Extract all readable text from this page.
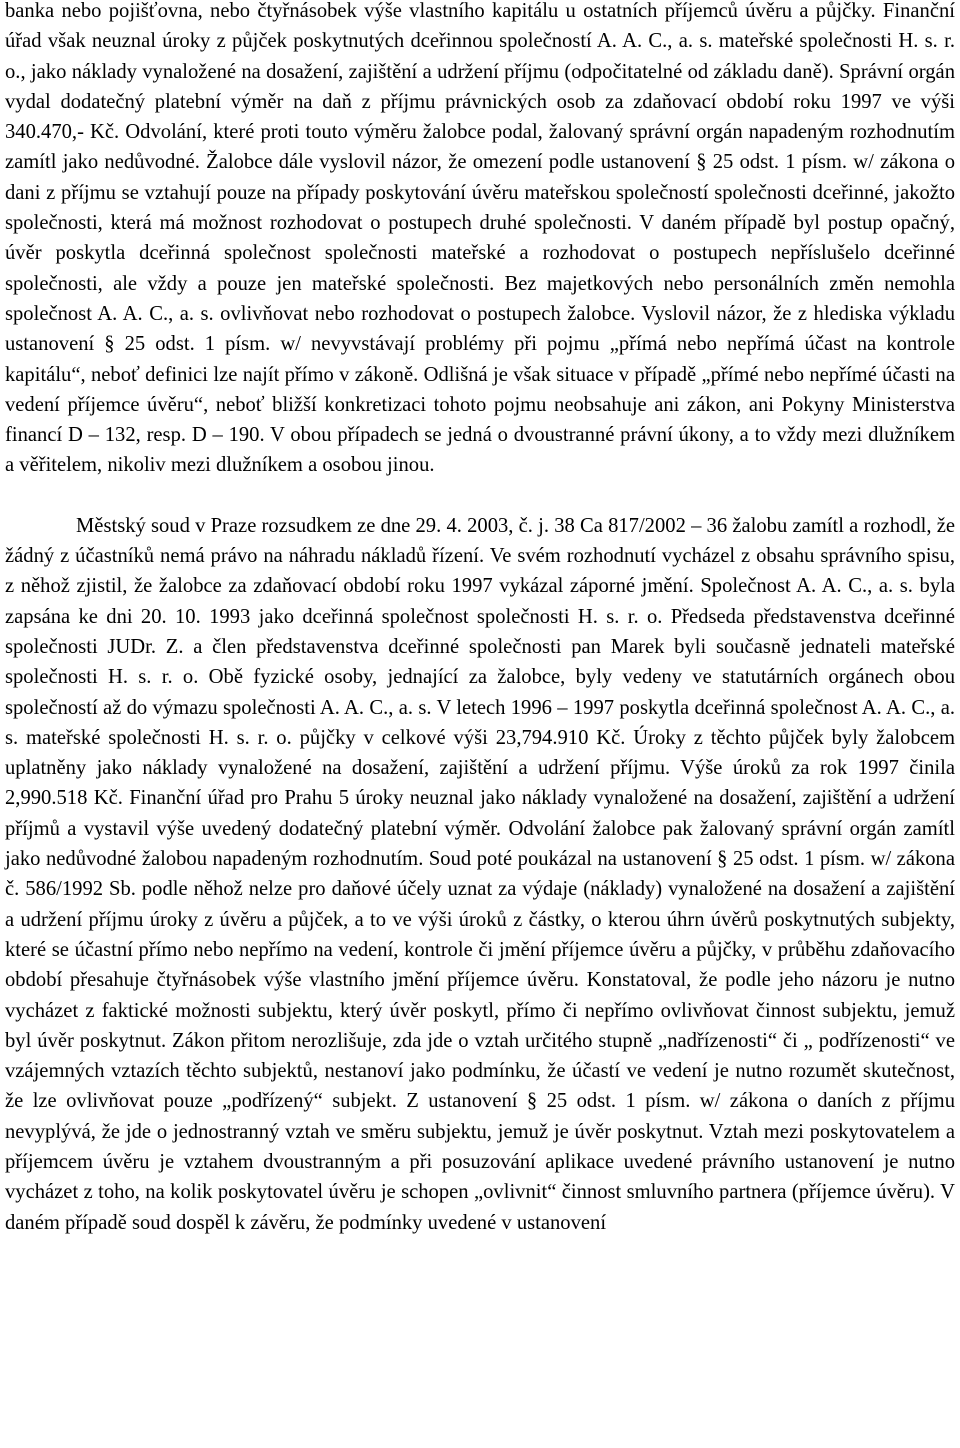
banka nebo pojišťovna, nebo čtyřnásobek výše vlastního kapitálu u ostatních příjemců úvěru a půjčky. Finanční úřad však neuznal úroky z půjček poskytnutých dceřinnou společností A. A. C., a. s. mateřské společnosti H. s. r. o., jako náklady vynaložené na dosažení, zajištění a udržení příjmu (odpočitatelné od základu daně). Správní orgán vydal dodatečný platební výměr na daň z příjmu právnických osob za zdaňovací období roku 1997 ve výši 340.470,- Kč. Odvolání, které proti touto výměru žalobce podal, žalovaný správní orgán napadeným rozhodnutím zamítl jako nedůvodné. Žalobce dále vyslovil názor, že omezení podle ustanovení § 25 odst. 1 písm. w/ zákona o dani z příjmu se vztahují pouze na případy poskytování úvěru mateřskou společností společnosti dceřinné, jakožto společnosti, která má možnost rozhodovat o postupech druhé společnosti. V daném případě byl postup opačný, úvěr poskytla dceřinná společnost společnosti mateřské a rozhodovat o postupech nepříslušelo dceřinné společnosti, ale vždy a pouze jen mateřské společnosti. Bez majetkových nebo personálních změn nemohla společnost A. A. C., a. s. ovlivňovat nebo rozhodovat o postupech žalobce. Vyslovil názor, že z hlediska výkladu ustanovení § 25 odst. 1 písm. w/ nevyvstávají problémy při pojmu „přímá nebo nepřímá účast na kontrole kapitálu“, neboť definici lze najít přímo v zákoně. Odlišná je však situace v případě „přímé nebo nepřímé účasti na vedení příjemce úvěru“, neboť bližší konkretizaci tohoto pojmu neobsahuje ani zákon, ani Pokyny Ministerstva financí D – 132, resp. D – 190. V obou případech se jedná o dvoustranné právní úkony, a to vždy mezi dlužníkem a věřitelem, nikoliv mezi dlužníkem a osobou jinou.

Městský soud v Praze rozsudkem ze dne 29. 4. 2003, č. j. 38 Ca 817/2002 – 36 žalobu zamítl a rozhodl, že žádný z účastníků nemá právo na náhradu nákladů řízení. Ve svém rozhodnutí vycházel z obsahu správního spisu, z něhož zjistil, že žalobce za zdaňovací období roku 1997 vykázal záporné jmění. Společnost A. A. C., a. s. byla zapsána ke dni 20. 10. 1993 jako dceřinná společnost společnosti H. s. r. o. Předseda představenstva dceřinné společnosti JUDr. Z. a člen představenstva dceřinné společnosti pan Marek byli současně jednateli mateřské společnosti H. s. r. o. Obě fyzické osoby, jednající za žalobce, byly vedeny ve statutárních orgánech obou společností až do výmazu společnosti A. A. C., a. s. V letech 1996 – 1997 poskytla dceřinná společnost A. A. C., a. s. mateřské společnosti H. s. r. o. půjčky v celkové výši 23,794.910 Kč. Úroky z těchto půjček byly žalobcem uplatněny jako náklady vynaložené na dosažení, zajištění a udržení příjmu. Výše úroků za rok 1997 činila 2,990.518 Kč. Finanční úřad pro Prahu 5 úroky neuznal jako náklady vynaložené na dosažení, zajištění a udržení příjmů a vystavil výše uvedený dodatečný platební výměr. Odvolání žalobce pak žalovaný správní orgán zamítl jako nedůvodné žalobou napadeným rozhodnutím. Soud poté poukázal na ustanovení § 25 odst. 1 písm. w/ zákona č. 586/1992 Sb. podle něhož nelze pro daňové účely uznat za výdaje (náklady) vynaložené na dosažení a zajištění a udržení příjmu úroky z úvěru a půjček, a to ve výši úroků z částky, o kterou úhrn úvěrů poskytnutých subjekty, které se účastní přímo nebo nepřímo na vedení, kontrole či jmění příjemce úvěru a půjčky, v průběhu zdaňovacího období přesahuje čtyřnásobek výše vlastního jmění příjemce úvěru. Konstatoval, že podle jeho názoru je nutno vycházet z faktické možnosti subjektu, který úvěr poskytl, přímo či nepřímo ovlivňovat činnost subjektu, jemuž byl úvěr poskytnut. Zákon přitom nerozlišuje, zda jde o vztah určitého stupně „nadřízenosti“ či „ podřízenosti“ ve vzájemných vztazích těchto subjektů, nestanoví jako podmínku, že účastí ve vedení je nutno rozumět skutečnost, že lze ovlivňovat pouze „podřízený“ subjekt. Z ustanovení § 25 odst. 1 písm. w/ zákona o daních z příjmu nevyplývá, že jde o jednostranný vztah ve směru subjektu, jemuž je úvěr poskytnut. Vztah mezi poskytovatelem a příjemcem úvěru je vztahem dvoustranným a při posuzování aplikace uvedené právního ustanovení je nutno vycházet z toho, na kolik poskytovatel úvěru je schopen „ovlivnit“ činnost smluvního partnera (příjemce úvěru). V daném případě soud dospěl k závěru, že podmínky uvedené v ustanovení
